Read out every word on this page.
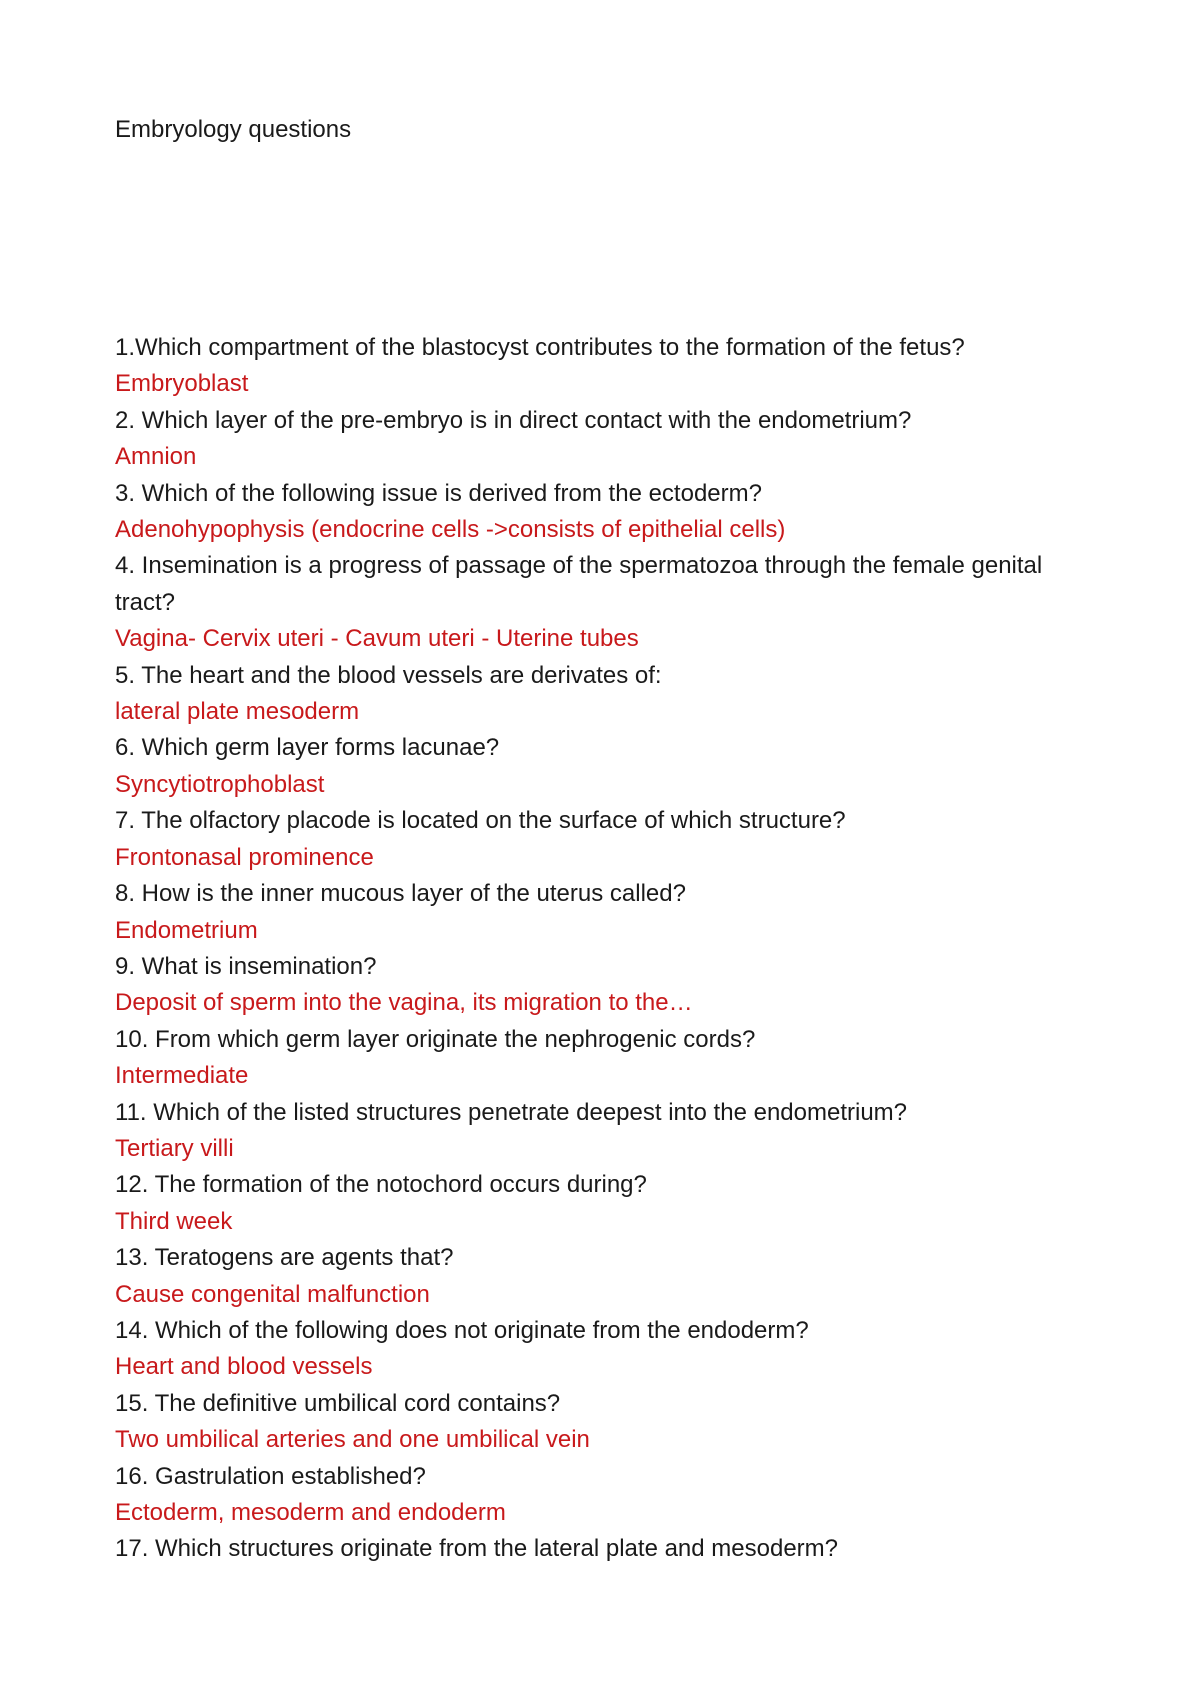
Embryology questions
1.Which compartment of the blastocyst contributes to the formation of the fetus?
Embryoblast
2. Which layer of the pre-embryo is in direct contact with the endometrium?
Amnion
3. Which of the following issue is derived from the ectoderm?
Adenohypophysis (endocrine cells ->consists of epithelial cells)
4. Insemination is a progress of passage of the spermatozoa through the female genital tract?
Vagina- Cervix uteri - Cavum uteri - Uterine tubes
5. The heart and the blood vessels are derivates of:
lateral plate mesoderm
6. Which germ layer forms lacunae?
Syncytiotrophoblast
7. The olfactory placode is located on the surface of which structure?
Frontonasal prominence
8. How is the inner mucous layer of the uterus called?
Endometrium
9. What is insemination?
Deposit of sperm into the vagina, its migration to the…
10. From which germ layer originate the nephrogenic cords?
Intermediate
11. Which of the listed structures penetrate deepest into the endometrium?
Tertiary villi
12. The formation of the notochord occurs during?
Third week
13. Teratogens are agents that?
Cause congenital malfunction
14. Which of the following does not originate from the endoderm?
Heart and blood vessels
15. The definitive umbilical cord contains?
Two umbilical arteries and one umbilical vein
16. Gastrulation established?
Ectoderm, mesoderm and endoderm
17. Which structures originate from the lateral plate and mesoderm?
